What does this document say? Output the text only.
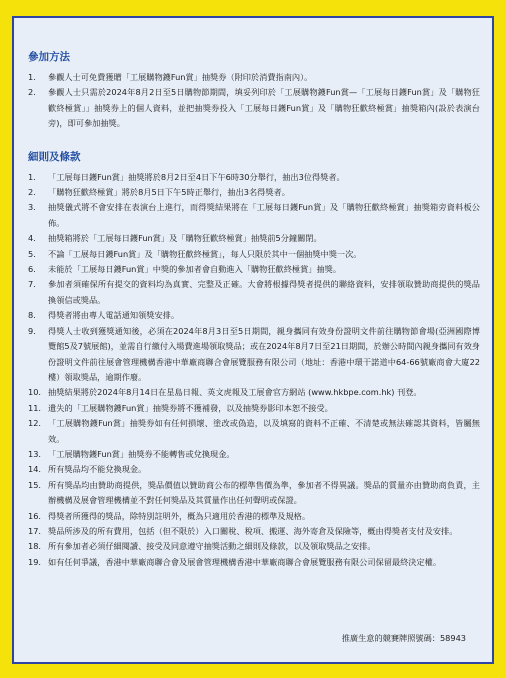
參加方法
1.	參觀人士可免費獲贈「工展購物鑊Fun賞」抽獎券（附印於消費指南內）。
2.	參觀人士只需於2024年8月2日至5日購物節期間，填妥列印於「工展購物鑊Fun賞—「工展每日鑊Fun賞」及「購物狂歡終極賞」」抽獎券上的個人資料，並把抽獎券投入「工展每日鑊Fun賞」及「購物狂歡終極賞」抽獎箱內(設於表演台旁)，即可參加抽獎。
細則及條款
1.	「工展每日鑊Fun賞」抽獎將於8月2日至4日下午6時30分舉行，抽出3位得獎者。
2.	「購物狂歡終極賞」將於8月5日下午5時正舉行，抽出3名得獎者。
3.	抽獎儀式將不會安排在表演台上進行，而得獎結果將在「工展每日鑊Fun賞」及「購物狂歡終極賞」抽獎箱旁資料板公佈。
4.	抽獎箱將於「工展每日鑊Fun賞」及「購物狂歡終極賞」抽獎前5分鐘關閉。
5.	不論「工展每日鑊Fun賞」及「購物狂歡終極賞」，每人只限於其中一個抽獎中獎一次。
6.	未能於「工展每日鑊Fun賞」中獎的參加者會自動進入「購物狂歡終極賞」抽獎。
7.	參加者須確保所有提交的資料均為真實、完整及正確。大會將根據得獎者提供的聯絡資料，安排領取贊助商提供的獎品換領信或獎品。
8.	得獎者將由專人電話通知領獎安排。
9.	得獎人士收到獲獎通知後，必須在2024年8月3日至5日期間，親身攜同有效身份證明文件前往購物節會場(亞洲國際博覽館5及7號展館)，並需自行繳付入場費進場領取獎品；或在2024年8月7日至21日期間，於辦公時間內親身攜同有效身份證明文件前往展會管理機構香港中華廠商聯合會展覽服務有限公司（地址：香港中環干諾道中64-66號廠商會大廈22樓）領取獎品，逾期作廢。
10. 抽獎結果將於2024年8月14日在星島日報、英文虎報及工展會官方網站 (www.hkbpe.com.hk) 刊登。
11. 遺失的「工展購物鑊Fun賞」抽獎券將不獲補發，以及抽獎券影印本恕不接受。
12. 「工展購物鑊Fun賞」抽獎券如有任何損壞、塗改或偽造，以及填寫的資料不正確、不清楚或無法確認其資料，皆屬無效。
13. 「工展購物鑊Fun賞」抽獎券不能轉售或兌換現金。
14. 所有獎品均不能兌換現金。
15. 所有獎品均由贊助商提供，獎品價值以贊助商公布的標準售價為準，參加者不得異議。獎品的質量亦由贊助商負責，主辦機構及展會管理機構並不對任何獎品及其質量作出任何聲明或保證。
16. 得獎者所獲得的獎品，除特別註明外，概為只適用於香港的標準及規格。
17. 獎品所涉及的所有費用，包括（但不限於）入口關稅、稅項、搬運、海外寄倉及保險等，概由得獎者支付及安排。
18. 所有參加者必須仔細閱讀、接受及同意遵守抽獎活動之細則及條款，以及領取獎品之安排。
19. 如有任何爭議，香港中華廠商聯合會及展會管理機構香港中華廠商聯合會展覽服務有限公司保留最終決定權。
推廣生意的競賽牌照號碼：58943
